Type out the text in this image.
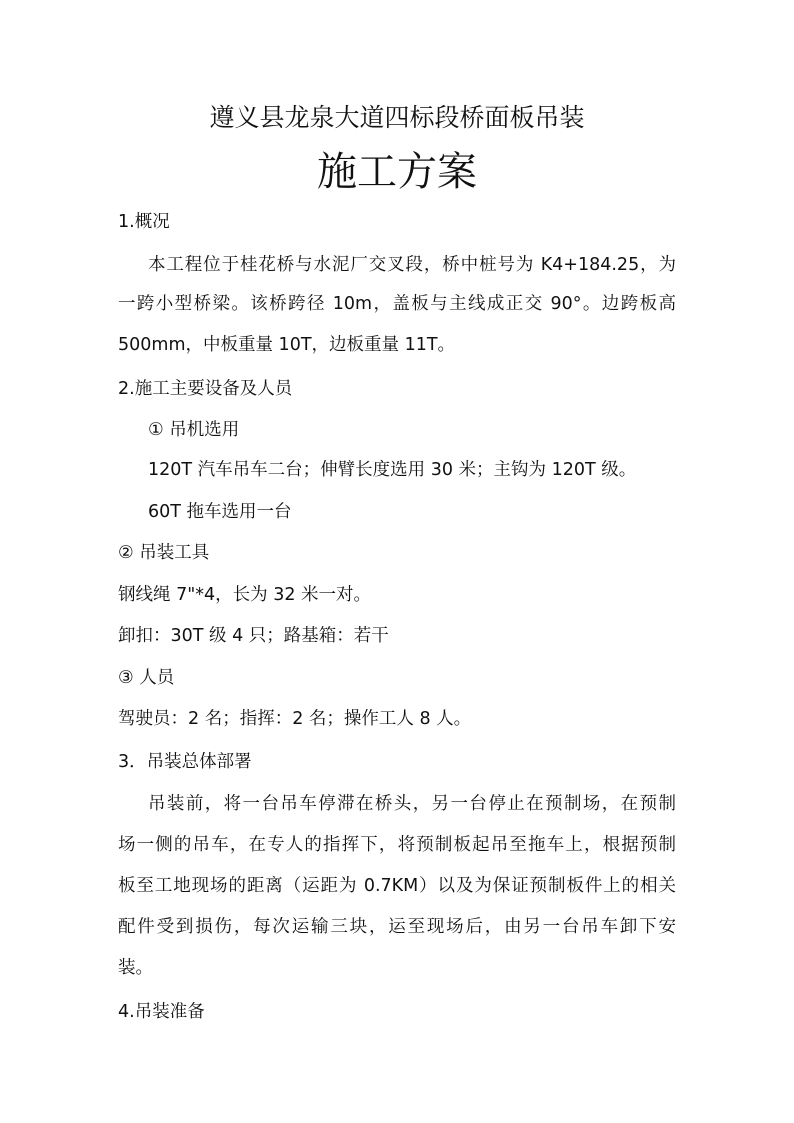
遵义县龙泉大道四标段桥面板吊装
施工方案
1.概况
本工程位于桂花桥与水泥厂交叉段，桥中桩号为 K4+184.25，为
一跨小型桥梁。该桥跨径 10m，盖板与主线成正交 90°。边跨板高
500mm，中板重量 10T，边板重量 11T。
2.施工主要设备及人员
① 吊机选用
120T 汽车吊车二台；伸臂长度选用 30 米；主钩为 120T 级。
60T 拖车选用一台
② 吊装工具
钢线绳 7"*4，长为 32 米一对。
卸扣：30T 级 4 只；路基箱：若干
③ 人员
驾驶员：2 名；指挥：2 名；操作工人 8 人。
3．吊装总体部署
吊装前，将一台吊车停滞在桥头，另一台停止在预制场，在预制
场一侧的吊车，在专人的指挥下，将预制板起吊至拖车上，根据预制
板至工地现场的距离（运距为 0.7KM）以及为保证预制板件上的相关
配件受到损伤，每次运输三块，运至现场后，由另一台吊车卸下安
装。
4.吊装准备
